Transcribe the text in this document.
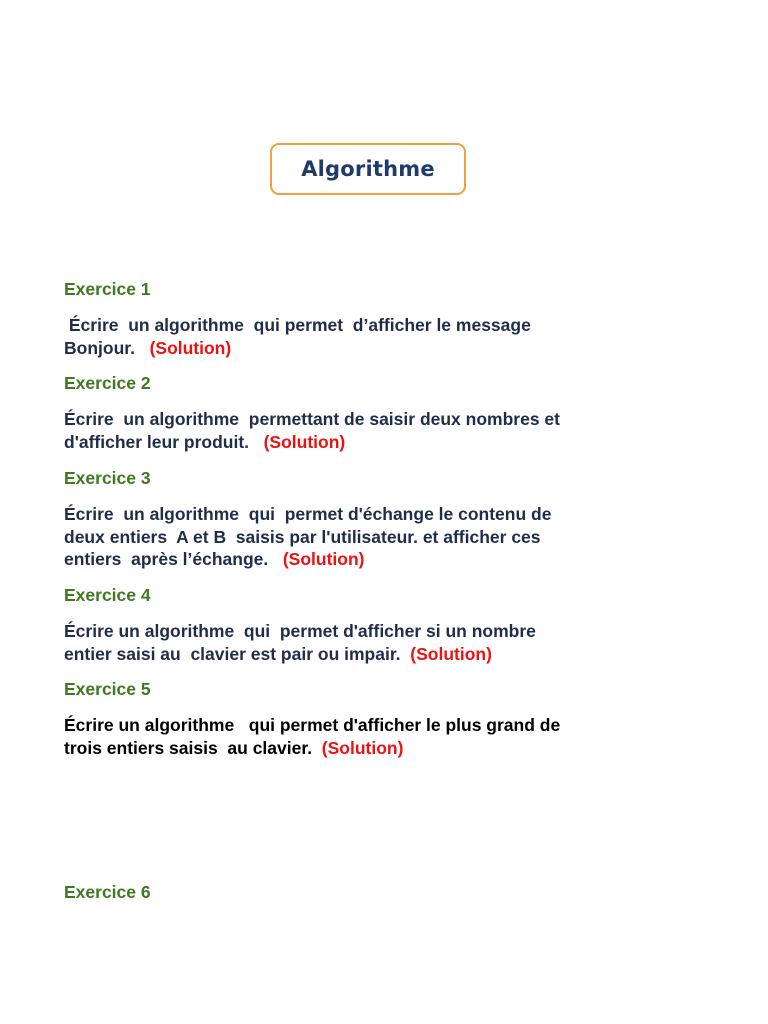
Algorithme
Exercice 1
Écrire  un algorithme  qui permet  d’afficher le message
Bonjour.   (Solution)
Exercice 2
Écrire  un algorithme  permettant de saisir deux nombres et
d'afficher leur produit.   (Solution)
Exercice 3
Écrire  un algorithme  qui  permet d'échange le contenu de
deux entiers  A et B  saisis par l'utilisateur. et afficher ces
entiers  après l’échange.   (Solution)
Exercice 4
Écrire un algorithme  qui  permet d'afficher si un nombre
entier saisi au  clavier est pair ou impair.  (Solution)
Exercice 5
Écrire un algorithme   qui permet d'afficher le plus grand de
trois entiers saisis  au clavier.  (Solution)
Exercice 6
